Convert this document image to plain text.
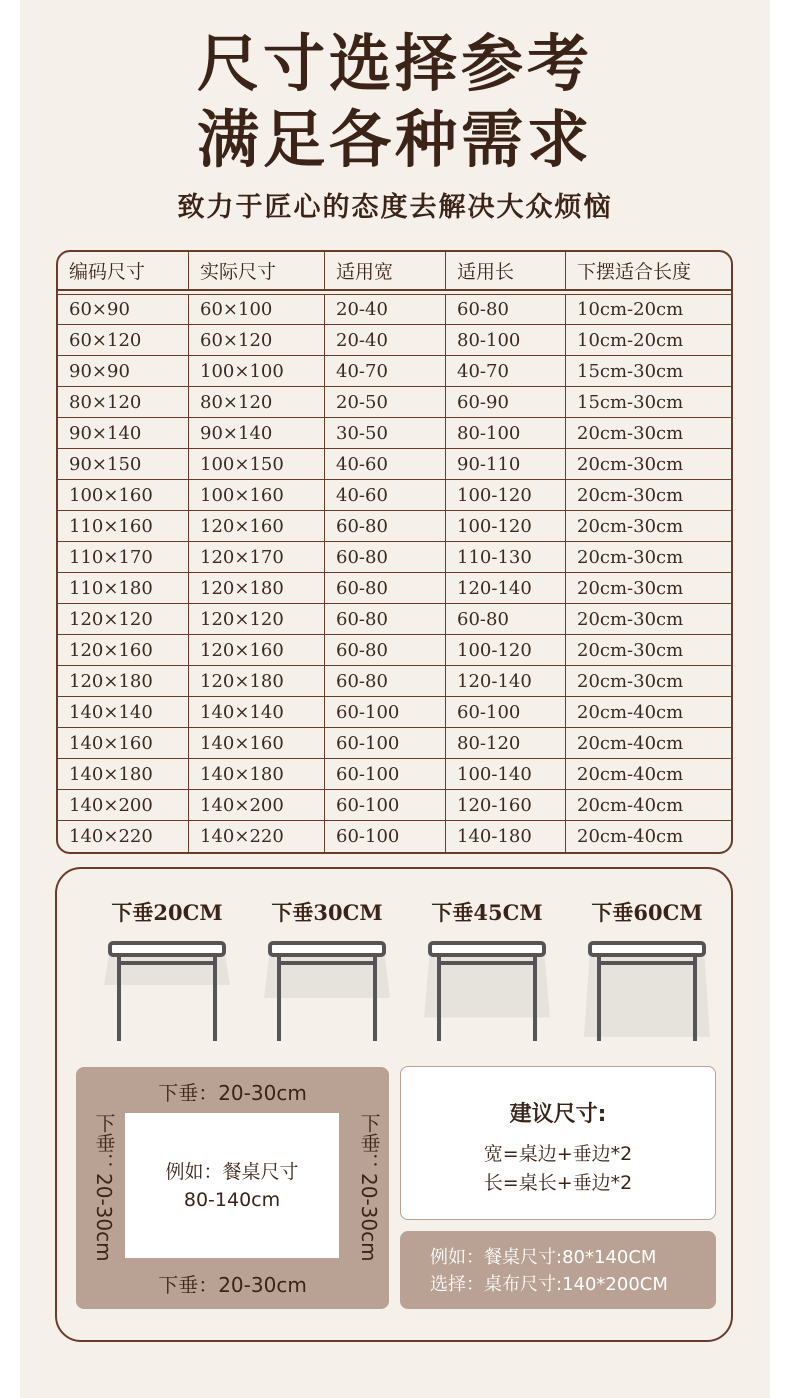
尺寸选择参考
满足各种需求
致力于匠心的态度去解决大众烦恼
编码尺寸	实际尺寸	适用宽	适用长	下摆适合长度
60×90	60×100	20-40	60-80	10cm-20cm
60×120	60×120	20-40	80-100	10cm-20cm
90×90	100×100	40-70	40-70	15cm-30cm
80×120	80×120	20-50	60-90	15cm-30cm
90×140	90×140	30-50	80-100	20cm-30cm
90×150	100×150	40-60	90-110	20cm-30cm
100×160	100×160	40-60	100-120	20cm-30cm
110×160	120×160	60-80	100-120	20cm-30cm
110×170	120×170	60-80	110-130	20cm-30cm
110×180	120×180	60-80	120-140	20cm-30cm
120×120	120×120	60-80	60-80	20cm-30cm
120×160	120×160	60-80	100-120	20cm-30cm
120×180	120×180	60-80	120-140	20cm-30cm
140×140	140×140	60-100	60-100	20cm-40cm
140×160	140×160	60-100	80-120	20cm-40cm
140×180	140×180	60-100	100-140	20cm-40cm
140×200	140×200	60-100	120-160	20cm-40cm
140×220	140×220	60-100	140-180	20cm-40cm
下垂20CM	下垂30CM	下垂45CM	下垂60CM
下垂：20-30cm
下垂：20-30cm	例如：餐桌尺寸
80-140cm	下垂：20-30cm
下垂：20-30cm
建议尺寸:
宽=桌边+垂边*2
长=桌长+垂边*2
例如：餐桌尺寸:80*140CM
选择：桌布尺寸:140*200CM
